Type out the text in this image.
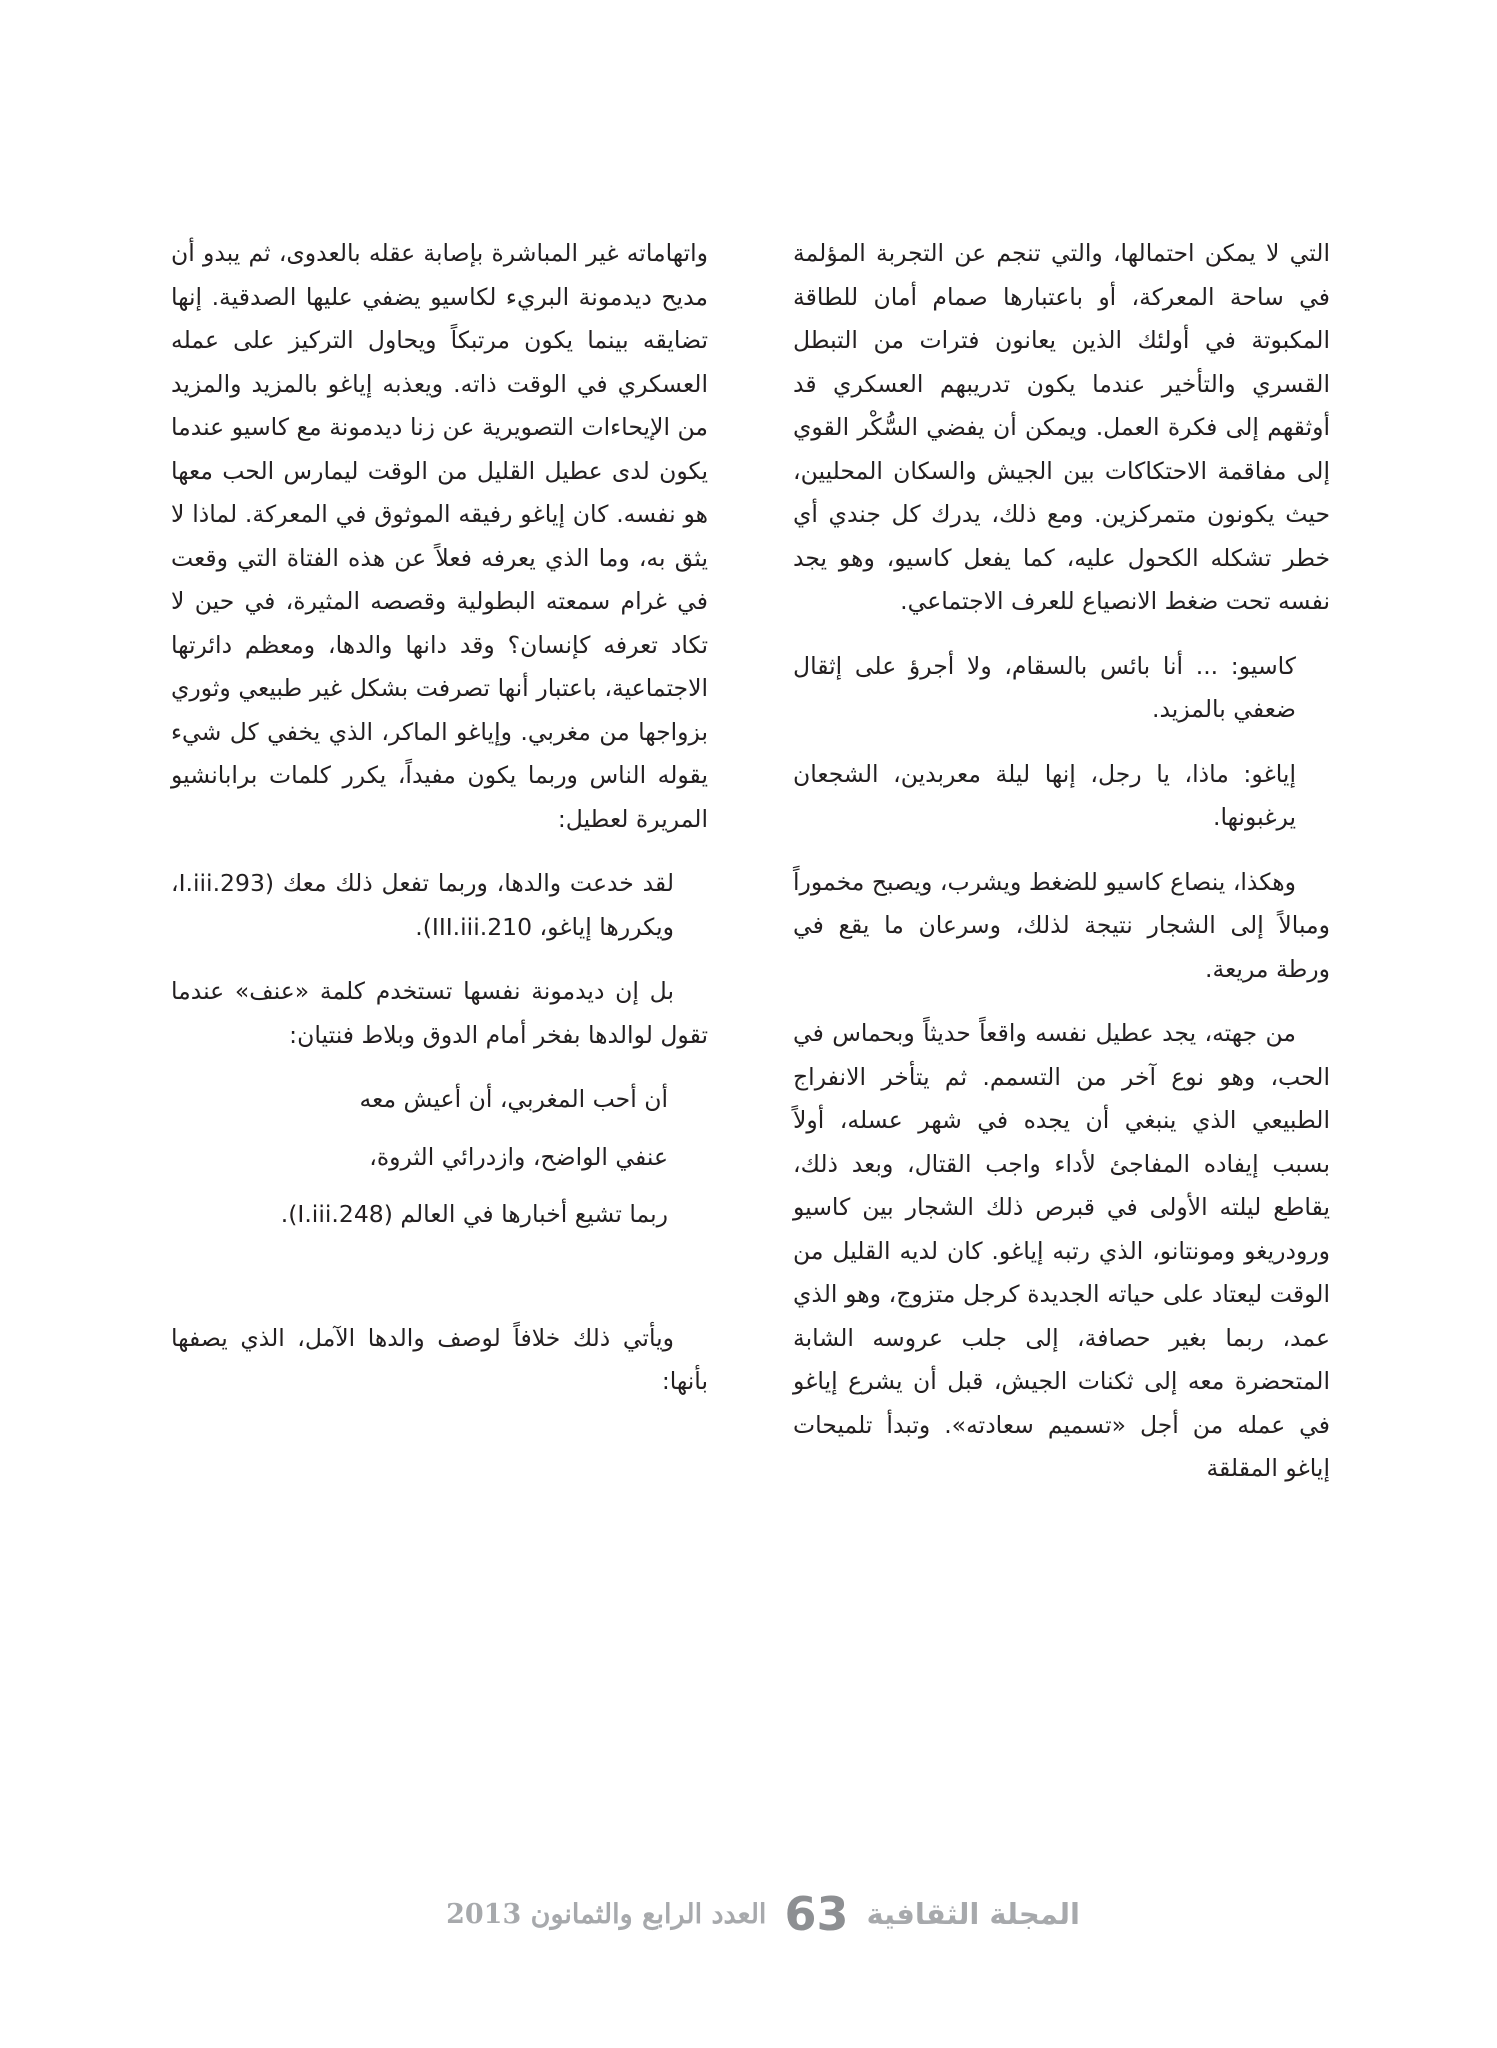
التي لا يمكن احتمالها، والتي تنجم عن التجربة المؤلمة في ساحة المعركة، أو باعتبارها صمام أمان للطاقة المكبوتة في أولئك الذين يعانون فترات من التبطل القسري والتأخير عندما يكون تدريبهم العسكري قد أوثقهم إلى فكرة العمل. ويمكن أن يفضي السُّكْر القوي إلى مفاقمة الاحتكاكات بين الجيش والسكان المحليين، حيث يكونون متمركزين. ومع ذلك، يدرك كل جندي أي خطر تشكله الكحول عليه، كما يفعل كاسيو، وهو يجد نفسه تحت ضغط الانصياع للعرف الاجتماعي.

كاسيو: ... أنا بائس بالسقام، ولا أجرؤ على إثقال ضعفي بالمزيد.

إياغو: ماذا، يا رجل، إنها ليلة معربدين، الشجعان يرغبونها.

وهكذا، ينصاع كاسيو للضغط ويشرب، ويصبح مخموراً ومبالاً إلى الشجار نتيجة لذلك، وسرعان ما يقع في ورطة مريعة.

من جهته، يجد عطيل نفسه واقعاً حديثاً وبحماس في الحب، وهو نوع آخر من التسمم. ثم يتأخر الانفراج الطبيعي الذي ينبغي أن يجده في شهر عسله، أولاً بسبب إيفاده المفاجئ لأداء واجب القتال، وبعد ذلك، يقاطع ليلته الأولى في قبرص ذلك الشجار بين كاسيو ورودريغو ومونتانو، الذي رتبه إياغو. كان لديه القليل من الوقت ليعتاد على حياته الجديدة كرجل متزوج، وهو الذي عمد، ربما بغير حصافة، إلى جلب عروسه الشابة المتحضرة معه إلى ثكنات الجيش، قبل أن يشرع إياغو في عمله من أجل «تسميم سعادته». وتبدأ تلميحات إياغو المقلقة

واتهاماته غير المباشرة بإصابة عقله بالعدوى، ثم يبدو أن مديح ديدمونة البريء لكاسيو يضفي عليها الصدقية. إنها تضايقه بينما يكون مرتبكاً ويحاول التركيز على عمله العسكري في الوقت ذاته. ويعذبه إياغو بالمزيد والمزيد من الإيحاءات التصويرية عن زنا ديدمونة مع كاسيو عندما يكون لدى عطيل القليل من الوقت ليمارس الحب معها هو نفسه. كان إياغو رفيقه الموثوق في المعركة. لماذا لا يثق به، وما الذي يعرفه فعلاً عن هذه الفتاة التي وقعت في غرام سمعته البطولية وقصصه المثيرة، في حين لا تكاد تعرفه كإنسان؟ وقد دانها والدها، ومعظم دائرتها الاجتماعية، باعتبار أنها تصرفت بشكل غير طبيعي وثوري بزواجها من مغربي. وإياغو الماكر، الذي يخفي كل شيء يقوله الناس وربما يكون مفيداً، يكرر كلمات برابانشيو المريرة لعطيل:

لقد خدعت والدها، وربما تفعل ذلك معك (I.iii.293، ويكررها إياغو، III.iii.210).

بل إن ديدمونة نفسها تستخدم كلمة «عنف» عندما تقول لوالدها بفخر أمام الدوق وبلاط فنتيان:

أن أحب المغربي، أن أعيش معه
عنفي الواضح، وازدرائي الثروة،
ربما تشيع أخبارها في العالم (I.iii.248).

ويأتي ذلك خلافاً لوصف والدها الآمل، الذي يصفها بأنها:

المجلة الثقافية
63
العدد الرابع والثمانون 2013
